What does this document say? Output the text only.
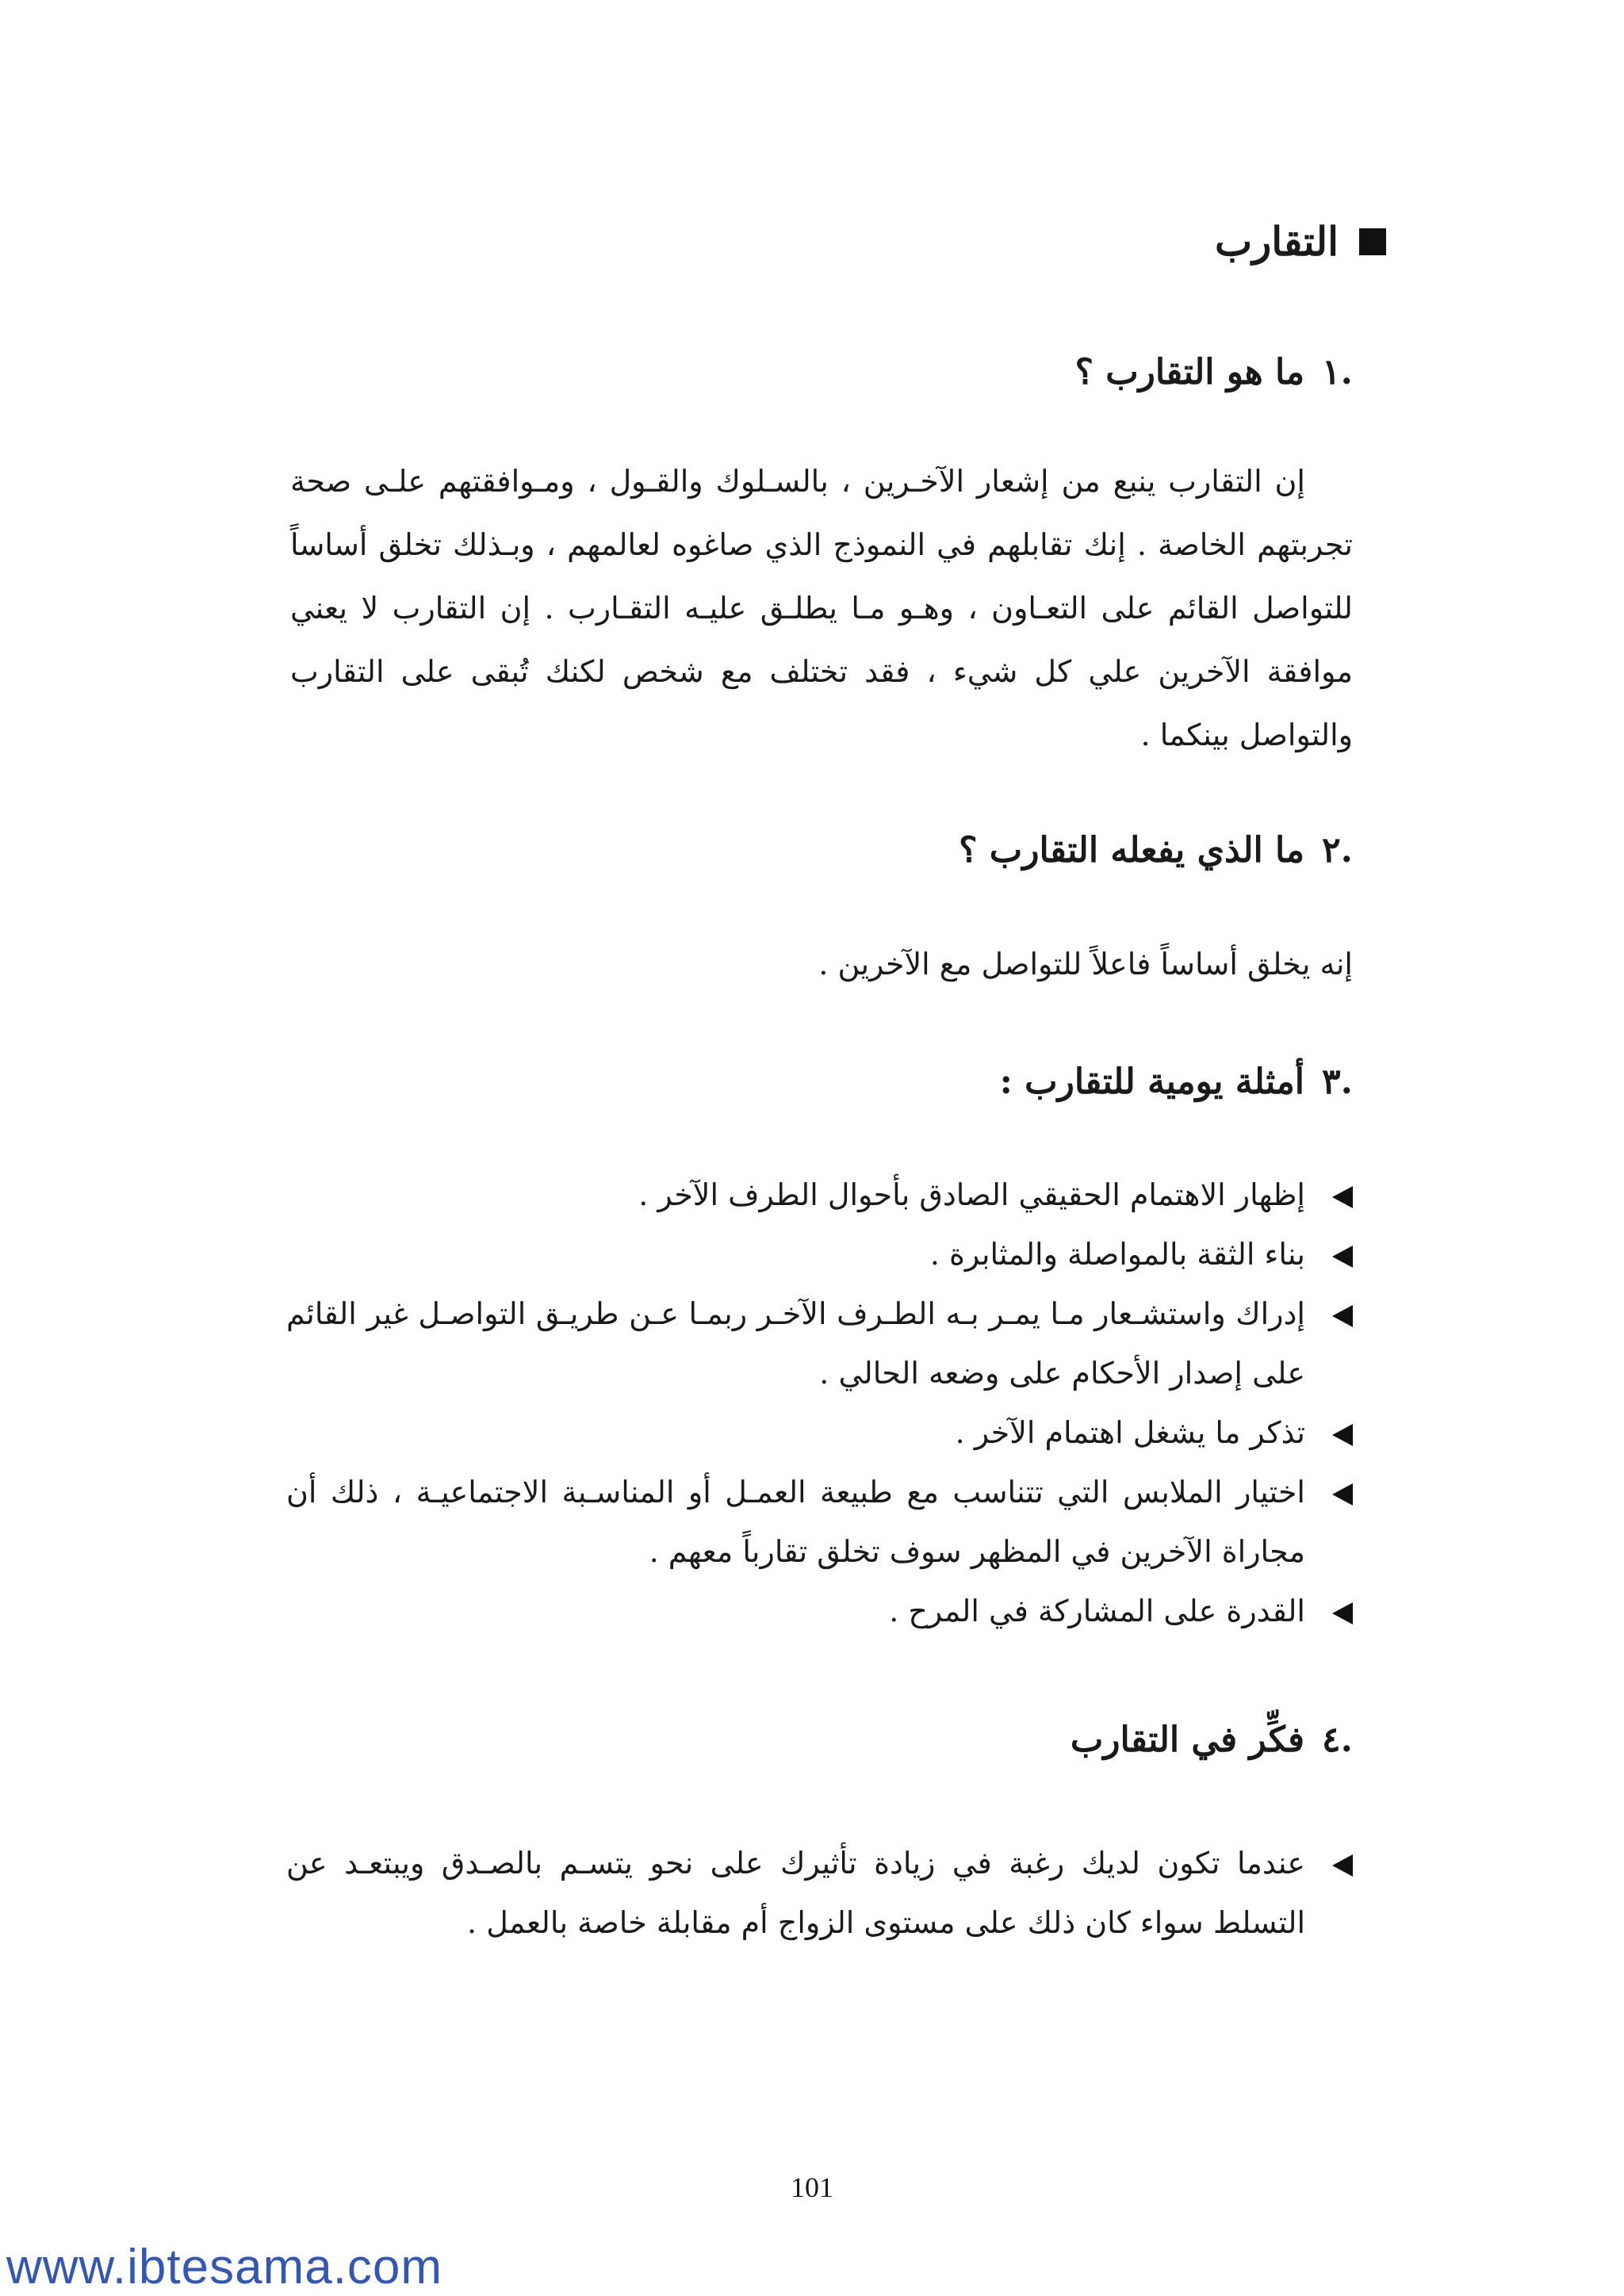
التقارب
.١
ما هو التقارب ؟

إن التقارب ينبع من إشعار الآخـرين ، بالسـلوك والقـول ، ومـوافقتهم علـى صحة تجربتهم الخاصة . إنك تقابلهم في النموذج الذي صاغوه لعالمهم ، وبـذلك تخلق أساساً للتواصل القائم على التعـاون ، وهـو مـا يطلـق عليـه التقـارب . إن التقارب لا يعني موافقة الآخرين علي كل شيء ، فقد تختلف مع شخص لكنك تُبقى على التقارب والتواصل بينكما .

.٢
ما الذي يفعله التقارب ؟

إنه يخلق أساساً فاعلاً للتواصل مع الآخرين .

.٣
أمثلة يومية للتقارب :
إظهار الاهتمام الحقيقي الصادق بأحوال الطرف الآخر .
بناء الثقة بالمواصلة والمثابرة .
إدراك واستشـعار مـا يمـر بـه الطـرف الآخـر ربمـا عـن طريـق التواصـل غير القائم على إصدار الأحكام على وضعه الحالي .
تذكر ما يشغل اهتمام الآخر .
اختيار الملابس التي تتناسب مع طبيعة العمـل أو المناسـبة الاجتماعيـة ، ذلك أن مجاراة الآخرين في المظهر سوف تخلق تقارباً معهم .
القدرة على المشاركة في المرح .
.٤
فكِّر في التقارب
عندما تكون لديك رغبة في زيادة تأثيرك على نحو يتسـم بالصـدق ويبتعـد عن التسلط سواء كان ذلك على مستوى الزواج أم مقابلة خاصة بالعمل .
101
www.ibtesama.com
